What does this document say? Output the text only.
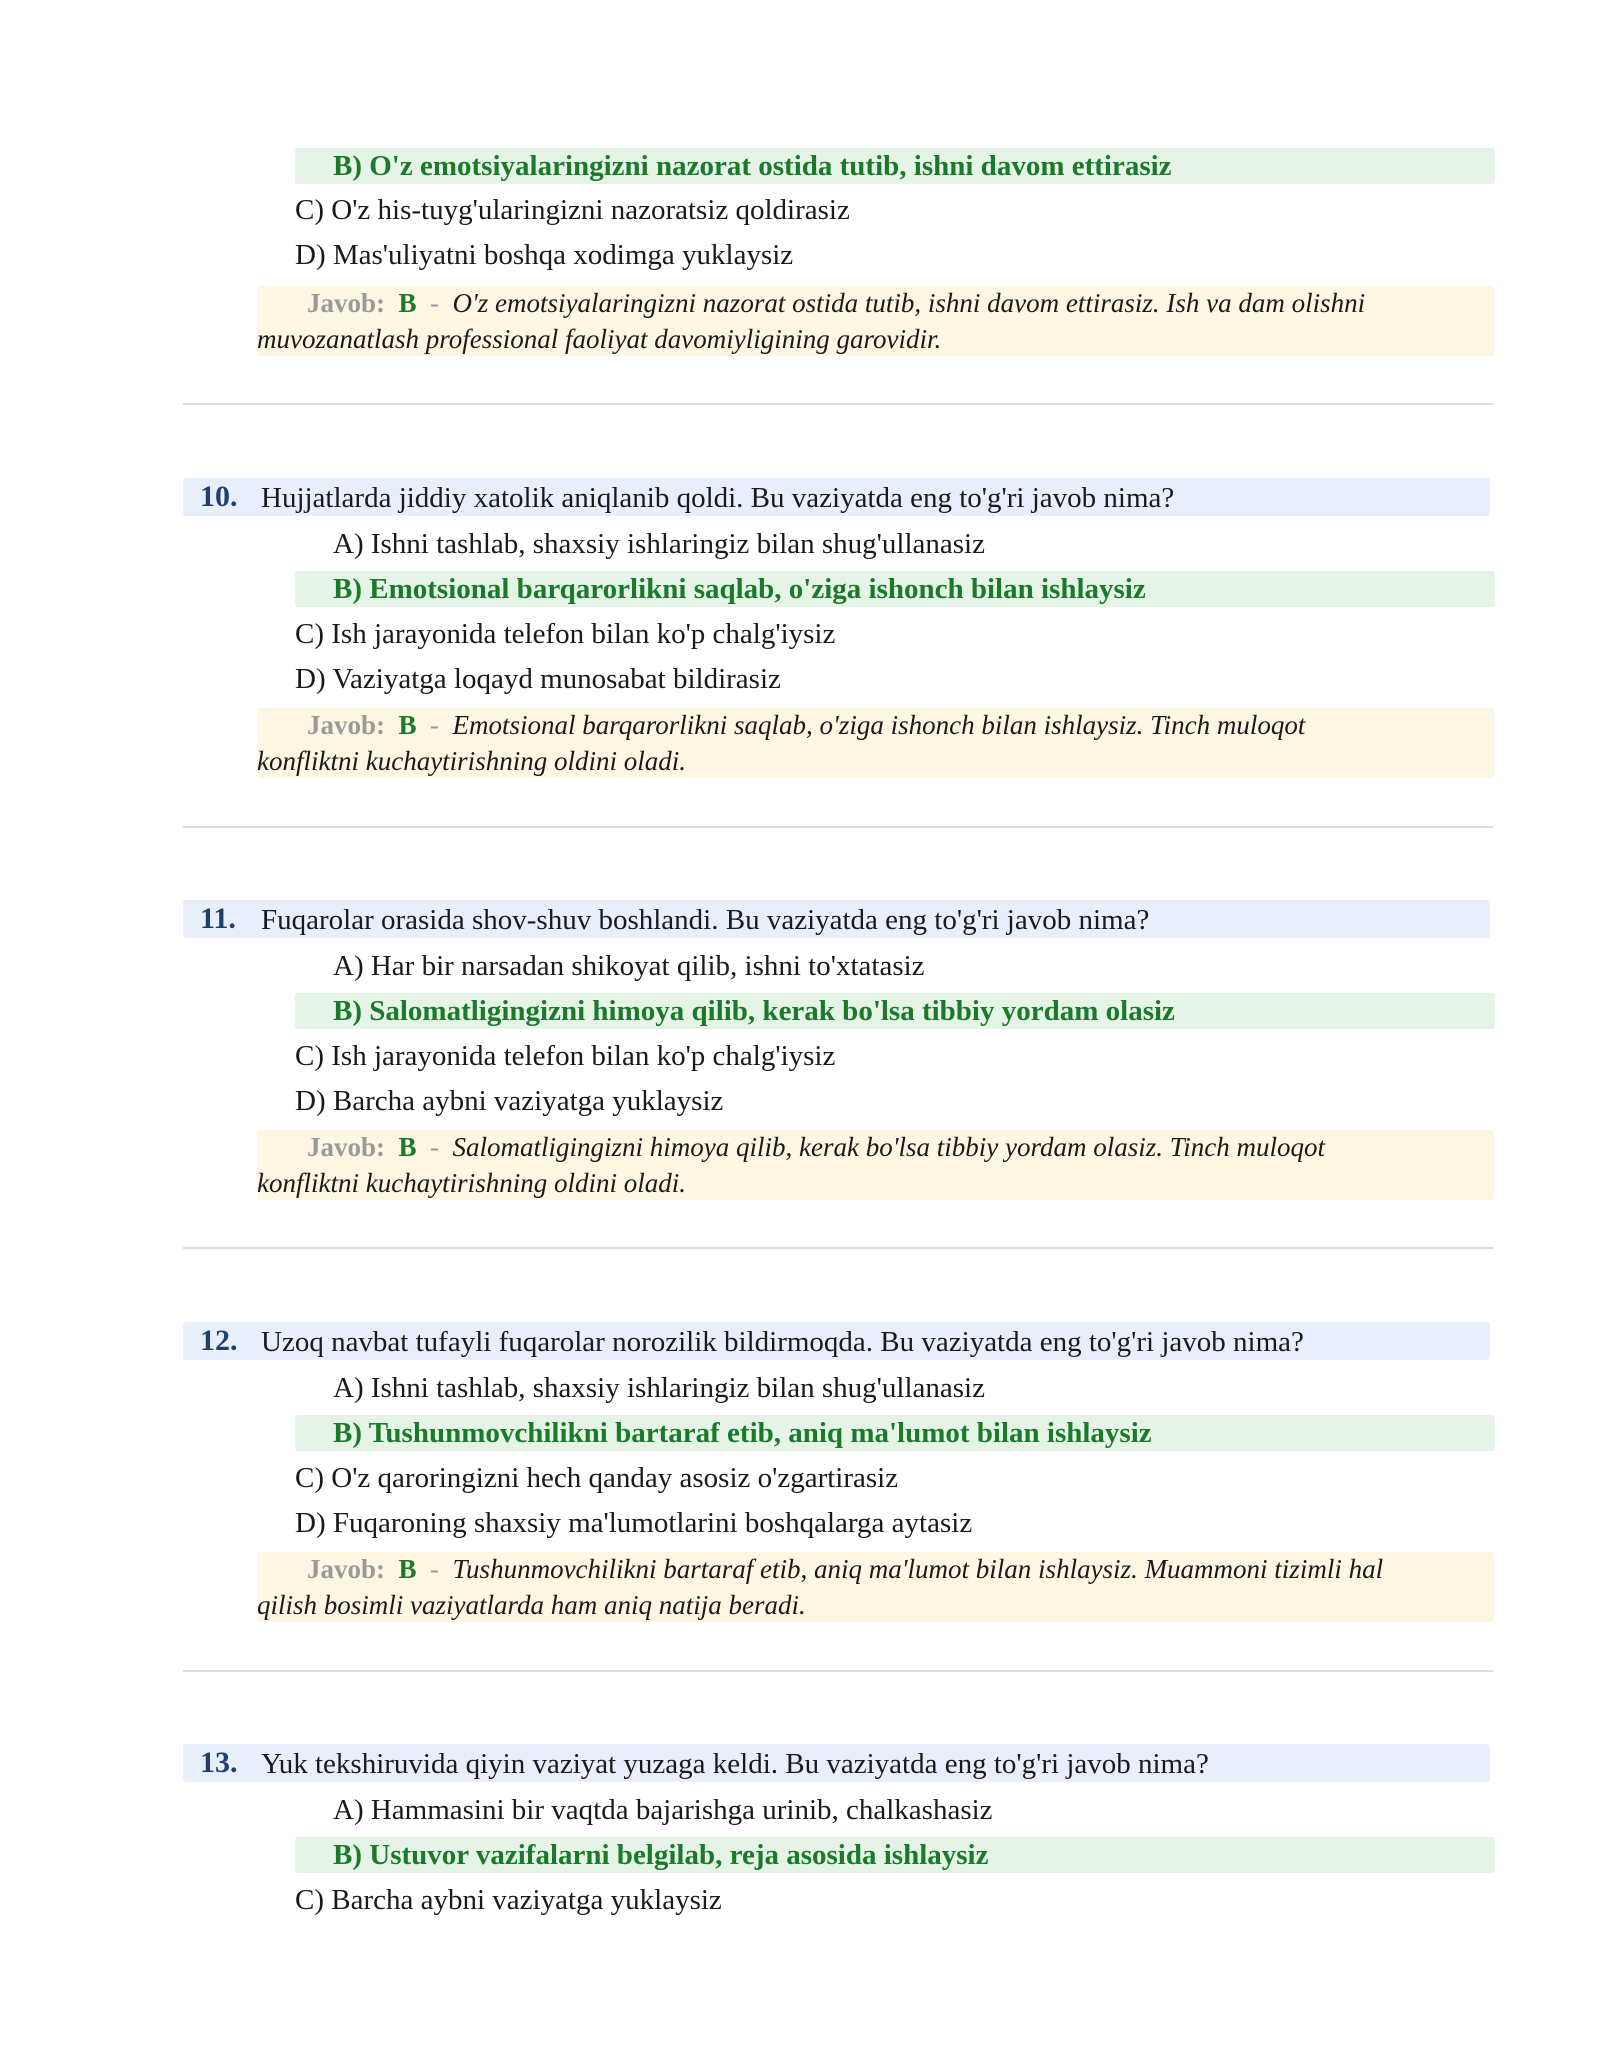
B) O'z emotsiyalaringizni nazorat ostida tutib, ishni davom ettirasiz
C) O'z his-tuyg'ularingizni nazoratsiz qoldirasiz
D) Mas'uliyatni boshqa xodimga yuklaysiz
Javob: B - O'z emotsiyalaringizni nazorat ostida tutib, ishni davom ettirasiz. Ish va dam olishni
muvozanatlash professional faoliyat davomiyligining garovidir.
10. Hujjatlarda jiddiy xatolik aniqlanib qoldi. Bu vaziyatda eng to'g'ri javob nima?
A) Ishni tashlab, shaxsiy ishlaringiz bilan shug'ullanasiz
B) Emotsional barqarorlikni saqlab, o'ziga ishonch bilan ishlaysiz
C) Ish jarayonida telefon bilan ko'p chalg'iysiz
D) Vaziyatga loqayd munosabat bildirasiz
Javob: B - Emotsional barqarorlikni saqlab, o'ziga ishonch bilan ishlaysiz. Tinch muloqot
konfliktni kuchaytirishning oldini oladi.
11. Fuqarolar orasida shov-shuv boshlandi. Bu vaziyatda eng to'g'ri javob nima?
A) Har bir narsadan shikoyat qilib, ishni to'xtatasiz
B) Salomatligingizni himoya qilib, kerak bo'lsa tibbiy yordam olasiz
C) Ish jarayonida telefon bilan ko'p chalg'iysiz
D) Barcha aybni vaziyatga yuklaysiz
Javob: B - Salomatligingizni himoya qilib, kerak bo'lsa tibbiy yordam olasiz. Tinch muloqot
konfliktni kuchaytirishning oldini oladi.
12. Uzoq navbat tufayli fuqarolar norozilik bildirmoqda. Bu vaziyatda eng to'g'ri javob nima?
A) Ishni tashlab, shaxsiy ishlaringiz bilan shug'ullanasiz
B) Tushunmovchilikni bartaraf etib, aniq ma'lumot bilan ishlaysiz
C) O'z qaroringizni hech qanday asosiz o'zgartirasiz
D) Fuqaroning shaxsiy ma'lumotlarini boshqalarga aytasiz
Javob: B - Tushunmovchilikni bartaraf etib, aniq ma'lumot bilan ishlaysiz. Muammoni tizimli hal
qilish bosimli vaziyatlarda ham aniq natija beradi.
13. Yuk tekshiruvida qiyin vaziyat yuzaga keldi. Bu vaziyatda eng to'g'ri javob nima?
A) Hammasini bir vaqtda bajarishga urinib, chalkashasiz
B) Ustuvor vazifalarni belgilab, reja asosida ishlaysiz
C) Barcha aybni vaziyatga yuklaysiz
